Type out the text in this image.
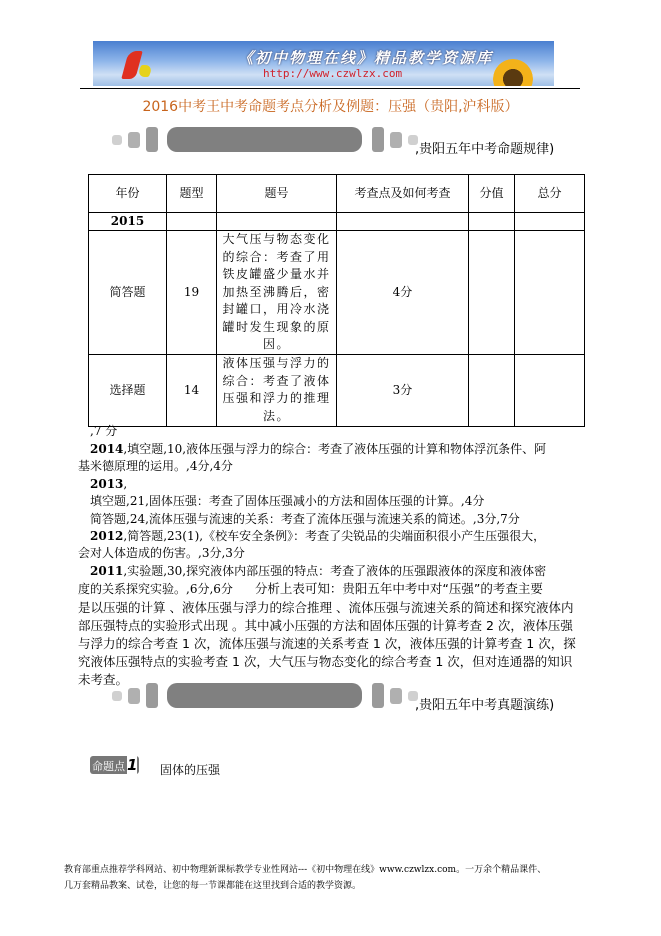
《初中物理在线》精品教学资源库
http://www.czwlzx.com
2016中考王中考命题考点分析及例题：压强（贵阳,沪科版）
,贵阳五年中考命题规律)
年份	题型	题号	考查点及如何考查	分值	总分
2015					
简答题	19	大气压与物态变化的综合：考查了用铁皮罐盛少量水并加热至沸腾后，密封罐口，用冷水浇罐时发生现象的原因。	4分		
选择题	14	液体压强与浮力的综合：考查了液体压强和浮力的推理法。	3分		
,7 分
2014,填空题,10,液体压强与浮力的综合：考查了液体压强的计算和物体浮沉条件、阿
基米德原理的运用。,4分,4分
2013,
填空题,21,固体压强：考查了固体压强减小的方法和固体压强的计算。,4分
简答题,24,流体压强与流速的关系：考查了流体压强与流速关系的简述。,3分,7分
2012,简答题,23(1),《校车安全条例》：考查了尖锐品的尖端面积很小产生压强很大，
会对人体造成的伤害。,3分,3分
2011,实验题,30,探究液体内部压强的特点：考查了液体的压强跟液体的深度和液体密
度的关系探究实验。,6分,6分 分析上表可知：贵阳五年中考中对“压强”的考查主要
是以压强的计算 、液体压强与浮力的综合推理 、流体压强与流速关系的简述和探究液体内
部压强特点的实验形式出现 。其中减小压强的方法和固体压强的计算考查 2 次，液体压强
与浮力的综合考查 1 次，流体压强与流速的关系考查 1 次，液体压强的计算考查 1 次，探
究液体压强特点的实验考查 1 次，大气压与物态变化的综合考查 1 次，但对连通器的知识
未考查。
,贵阳五年中考真题演练)
命题点 1 固体的压强
教育部重点推荐学科网站、初中物理新课标教学专业性网站---《初中物理在线》www.czwlzx.com。一万余个精品课件、
几万套精品教案、试卷，让您的每一节课都能在这里找到合适的教学资源。
